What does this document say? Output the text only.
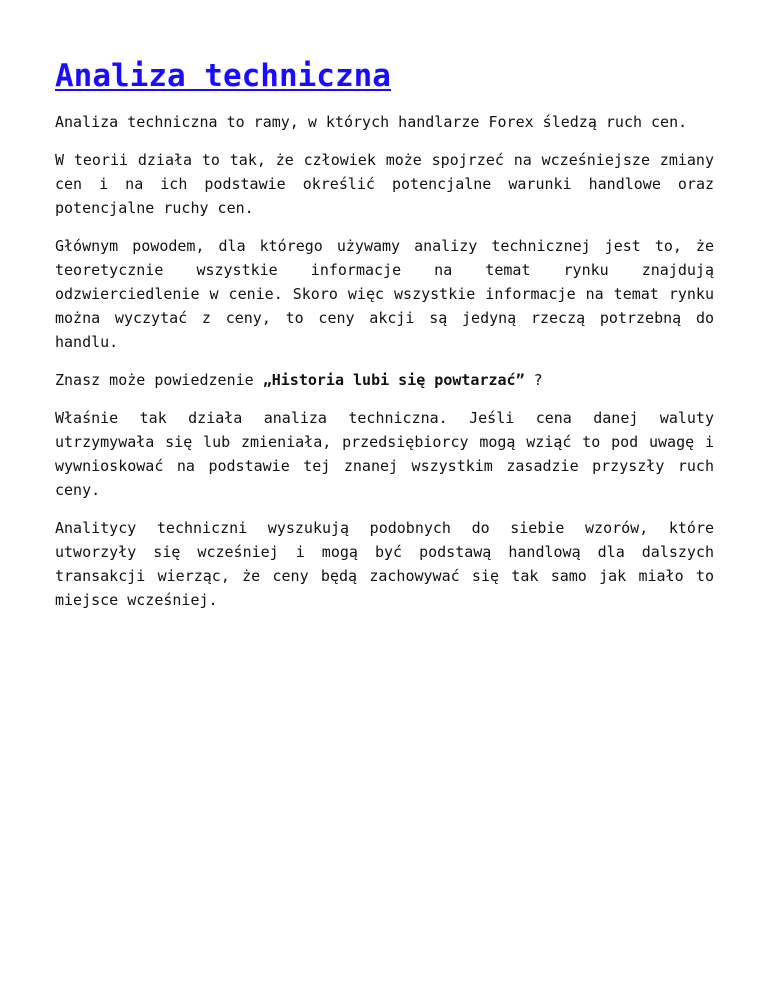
Analiza techniczna

Analiza techniczna to ramy, w których handlarze Forex śledzą ruch cen.

W teorii działa to tak, że człowiek może spojrzeć na wcześniejsze zmiany cen i na ich podstawie określić potencjalne warunki handlowe oraz potencjalne ruchy cen.

Głównym powodem, dla którego używamy analizy technicznej jest to, że teoretycznie wszystkie informacje na temat rynku znajdują odzwierciedlenie w cenie. Skoro więc wszystkie informacje na temat rynku można wyczytać z ceny, to ceny akcji są jedyną rzeczą potrzebną do handlu.

Znasz może powiedzenie „Historia lubi się powtarzać” ?

Właśnie tak działa analiza techniczna. Jeśli cena danej waluty utrzymywała się lub zmieniała, przedsiębiorcy mogą wziąć to pod uwagę i wywnioskować na podstawie tej znanej wszystkim zasadzie przyszły ruch ceny.

Analitycy techniczni wyszukują podobnych do siebie wzorów, które utworzyły się wcześniej i mogą być podstawą handlową dla dalszych transakcji wierząc, że ceny będą zachowywać się tak samo jak miało to miejsce wcześniej.
